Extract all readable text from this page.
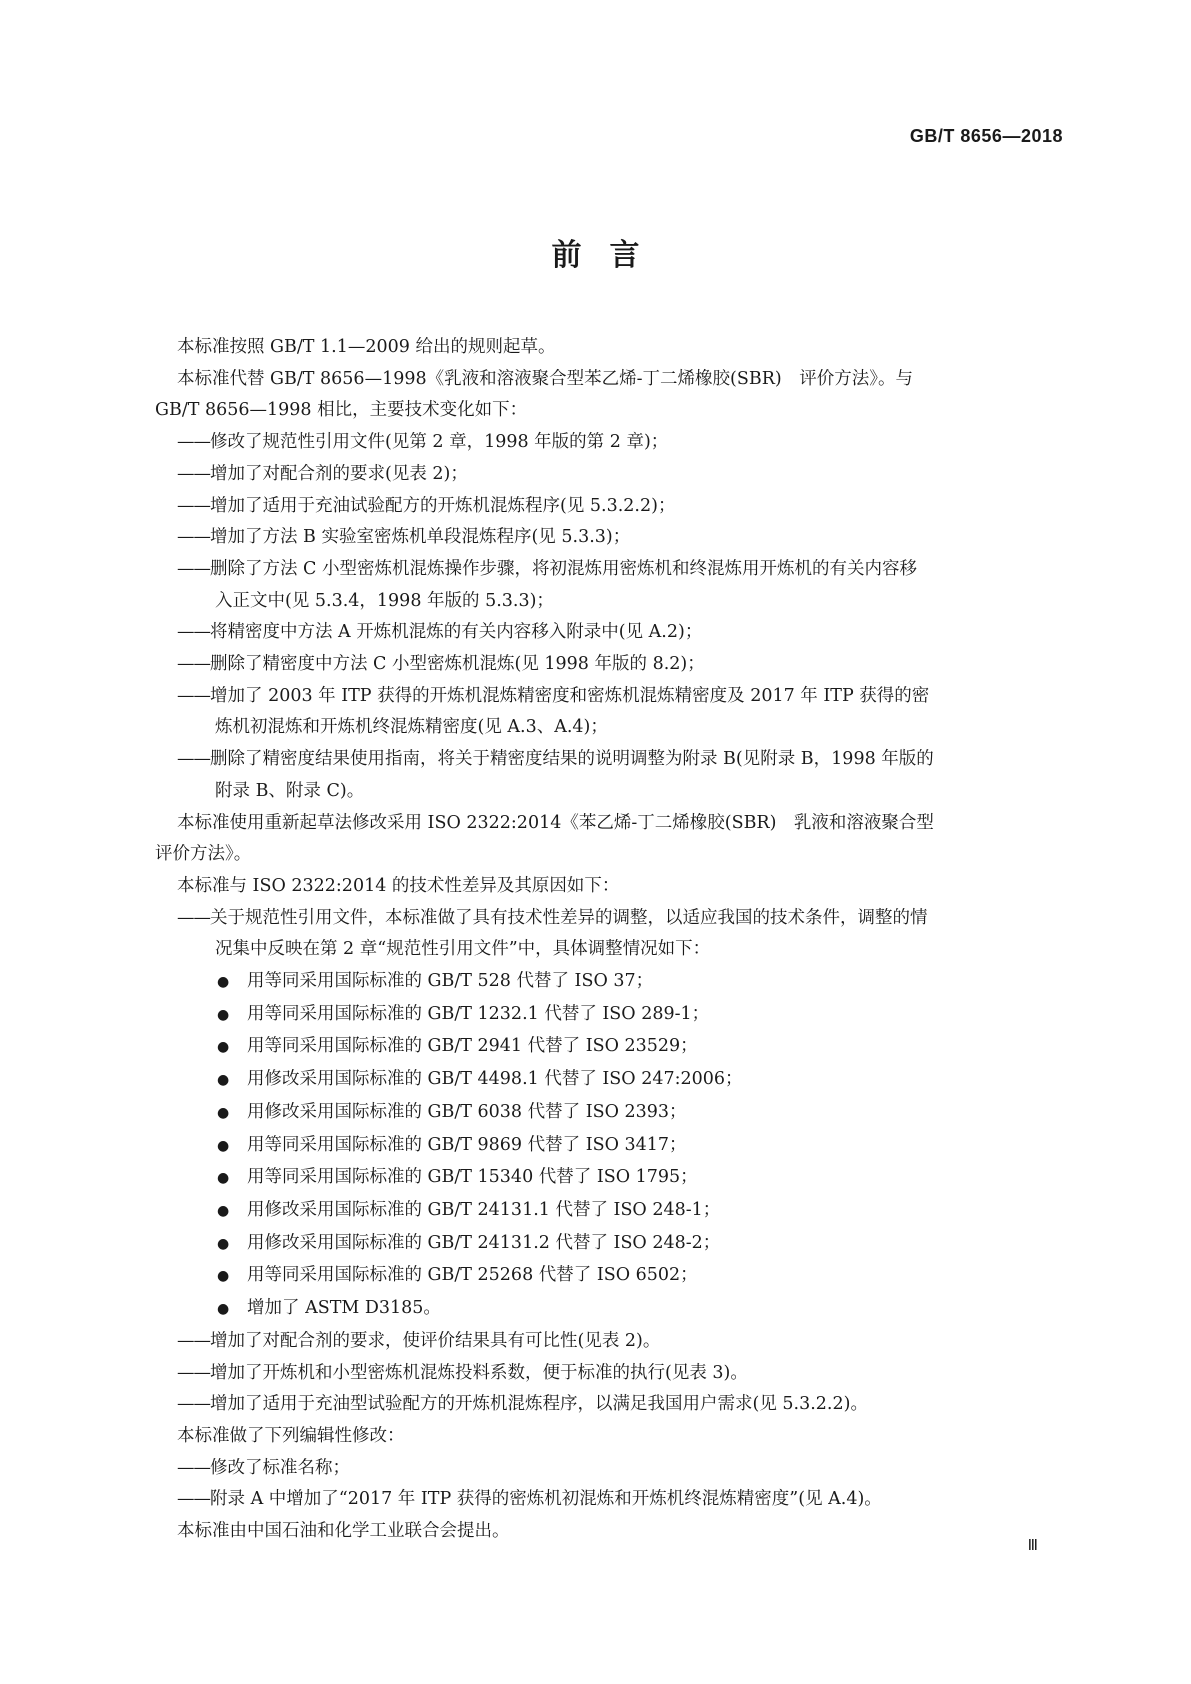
GB/T 8656—2018
前言
本标准按照 GB/T 1.1—2009 给出的规则起草。
本标准代替 GB/T 8656—1998《乳液和溶液聚合型苯乙烯-丁二烯橡胶(SBR)　评价方法》。与
GB/T 8656—1998 相比，主要技术变化如下：
—— 修改了规范性引用文件(见第 2 章，1998 年版的第 2 章)；
—— 增加了对配合剂的要求(见表 2)；
—— 增加了适用于充油试验配方的开炼机混炼程序(见 5.3.2.2)；
—— 增加了方法 B 实验室密炼机单段混炼程序(见 5.3.3)；
—— 删除了方法 C 小型密炼机混炼操作步骤，将初混炼用密炼机和终混炼用开炼机的有关内容移
入正文中(见 5.3.4，1998 年版的 5.3.3)；
—— 将精密度中方法 A 开炼机混炼的有关内容移入附录中(见 A.2)；
—— 删除了精密度中方法 C 小型密炼机混炼(见 1998 年版的 8.2)；
—— 增加了 2003 年 ITP 获得的开炼机混炼精密度和密炼机混炼精密度及 2017 年 ITP 获得的密
炼机初混炼和开炼机终混炼精密度(见 A.3、A.4)；
—— 删除了精密度结果使用指南，将关于精密度结果的说明调整为附录 B(见附录 B，1998 年版的
附录 B、附录 C)。
本标准使用重新起草法修改采用 ISO 2322:2014《苯乙烯-丁二烯橡胶(SBR)　乳液和溶液聚合型
评价方法》。
本标准与 ISO 2322:2014 的技术性差异及其原因如下：
—— 关于规范性引用文件，本标准做了具有技术性差异的调整，以适应我国的技术条件，调整的情
况集中反映在第 2 章“规范性引用文件”中，具体调整情况如下：
● 用等同采用国际标准的 GB/T 528 代替了 ISO 37；
● 用等同采用国际标准的 GB/T 1232.1 代替了 ISO 289-1；
● 用等同采用国际标准的 GB/T 2941 代替了 ISO 23529；
● 用修改采用国际标准的 GB/T 4498.1 代替了 ISO 247:2006；
● 用修改采用国际标准的 GB/T 6038 代替了 ISO 2393；
● 用等同采用国际标准的 GB/T 9869 代替了 ISO 3417；
● 用等同采用国际标准的 GB/T 15340 代替了 ISO 1795；
● 用修改采用国际标准的 GB/T 24131.1 代替了 ISO 248-1；
● 用修改采用国际标准的 GB/T 24131.2 代替了 ISO 248-2；
● 用等同采用国际标准的 GB/T 25268 代替了 ISO 6502；
● 增加了 ASTM D3185。
—— 增加了对配合剂的要求，使评价结果具有可比性(见表 2)。
—— 增加了开炼机和小型密炼机混炼投料系数，便于标准的执行(见表 3)。
—— 增加了适用于充油型试验配方的开炼机混炼程序，以满足我国用户需求(见 5.3.2.2)。
本标准做了下列编辑性修改：
—— 修改了标准名称；
—— 附录 A 中增加了“2017 年 ITP 获得的密炼机初混炼和开炼机终混炼精密度”(见 A.4)。
本标准由中国石油和化学工业联合会提出。
Ⅲ
